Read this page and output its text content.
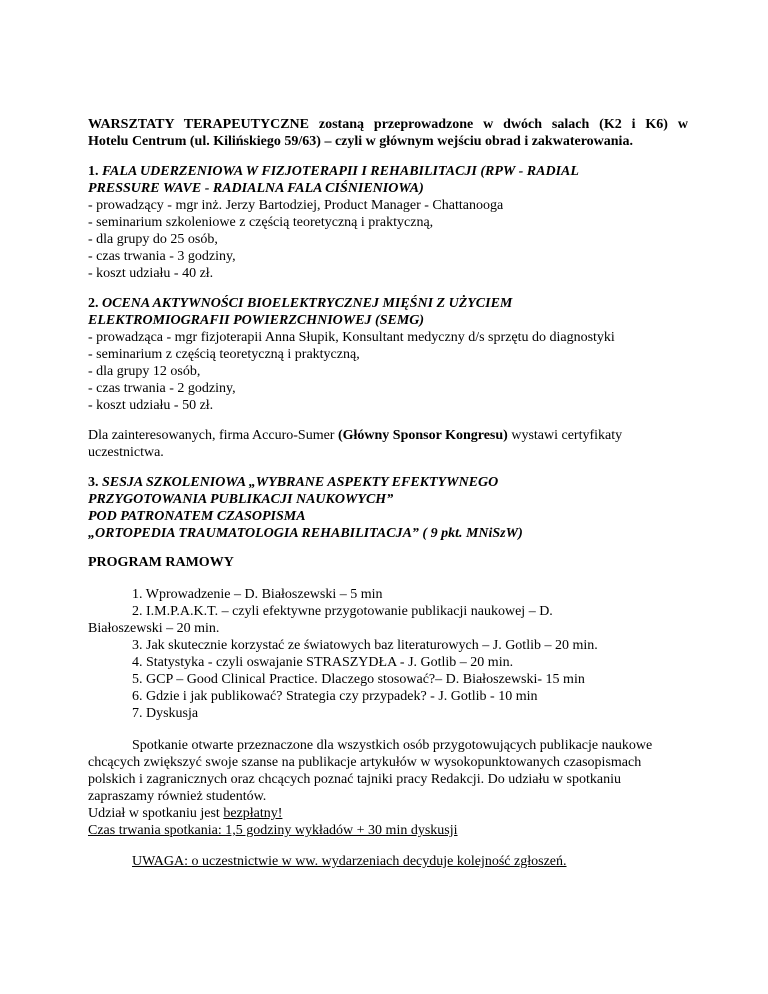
WARSZTATY TERAPEUTYCZNE zostaną przeprowadzone w dwóch salach (K2 i K6) w
Hotelu Centrum (ul. Kilińskiego 59/63) – czyli w głównym wejściu obrad i zakwaterowania.
1. FALA UDERZENIOWA W FIZJOTERAPII I REHABILITACJI (RPW - RADIAL
PRESSURE WAVE - RADIALNA FALA CIŚNIENIOWA)
- prowadzący - mgr inż. Jerzy Bartodziej, Product Manager - Chattanooga
- seminarium szkoleniowe z częścią teoretyczną i praktyczną,
- dla grupy do 25 osób,
- czas trwania - 3 godziny,
- koszt udziału - 40 zł.
2. OCENA AKTYWNOŚCI BIOELEKTRYCZNEJ MIĘŚNI Z UŻYCIEM
ELEKTROMIOGRAFII POWIERZCHNIOWEJ (SEMG)
- prowadząca - mgr fizjoterapii Anna Słupik, Konsultant medyczny d/s sprzętu do diagnostyki
- seminarium z częścią teoretyczną i praktyczną,
- dla grupy 12 osób,
- czas trwania - 2 godziny,
- koszt udziału - 50 zł.
Dla zainteresowanych, firma Accuro-Sumer (Główny Sponsor Kongresu) wystawi certyfikaty
uczestnictwa.
3. SESJA SZKOLENIOWA „WYBRANE ASPEKTY EFEKTYWNEGO
PRZYGOTOWANIA PUBLIKACJI NAUKOWYCH”
POD PATRONATEM CZASOPISMA
„ORTOPEDIA TRAUMATOLOGIA REHABILITACJA” ( 9 pkt. MNiSzW)
PROGRAM RAMOWY
1. Wprowadzenie – D. Białoszewski – 5 min
2. I.M.P.A.K.T. – czyli efektywne przygotowanie publikacji naukowej – D.
Białoszewski – 20 min.
3. Jak skutecznie korzystać ze światowych baz literaturowych – J. Gotlib – 20 min.
4. Statystyka - czyli oswajanie STRASZYDŁA - J. Gotlib – 20 min.
5. GCP – Good Clinical Practice. Dlaczego stosować?– D. Białoszewski- 15 min
6. Gdzie i jak publikować? Strategia czy przypadek? - J. Gotlib - 10 min
7. Dyskusja
Spotkanie otwarte przeznaczone dla wszystkich osób przygotowujących publikacje naukowe chcących zwiększyć swoje szanse na publikacje artykułów w wysokopunktowanych czasopismach polskich i zagranicznych oraz chcących poznać tajniki pracy Redakcji. Do udziału w spotkaniu zapraszamy również studentów.
Udział w spotkaniu jest bezpłatny!
Czas trwania spotkania: 1,5 godziny wykładów + 30 min dyskusji
UWAGA: o uczestnictwie w ww. wydarzeniach decyduje kolejność zgłoszeń.
